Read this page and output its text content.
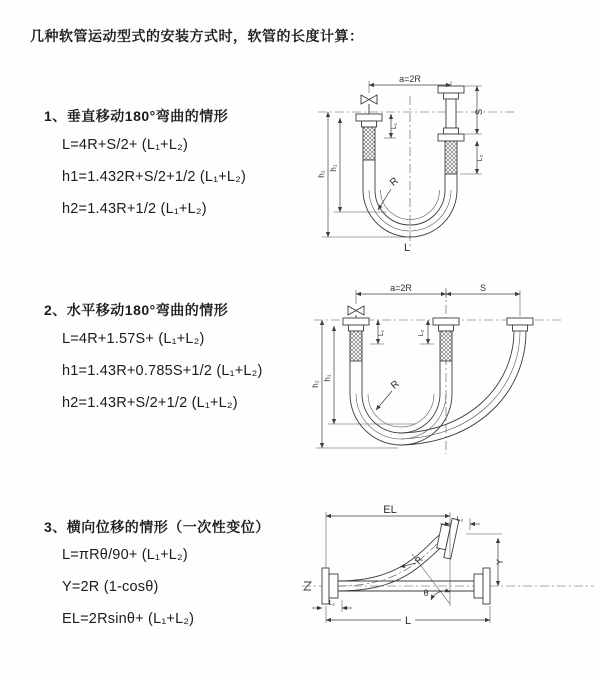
几种软管运动型式的安装方式时，软管的长度计算：
1、垂直移动180°弯曲的情形
L=4R+S/2+ (L₁+L₂)
h1=1.432R+S/2+1/2 (L₁+L₂)
h2=1.43R+1/2 (L₁+L₂)
2、水平移动180°弯曲的情形
L=4R+1.57S+ (L₁+L₂)
h1=1.43R+0.785S+1/2 (L₁+L₂)
h2=1.43R+S/2+1/2 (L₁+L₂)
3、横向位移的情形（一次性变位）
L=πRθ/90+ (L₁+L₂)
Y=2R (1-cosθ)
EL=2Rsinθ+ (L₁+L₂)
a=2R
S
L₂
L₁
h₂
h₁
R
L
a=2R	S
L₁	L₂
h₂
h₁
R
θ
R
EL
L₂
Y
L₁
L
